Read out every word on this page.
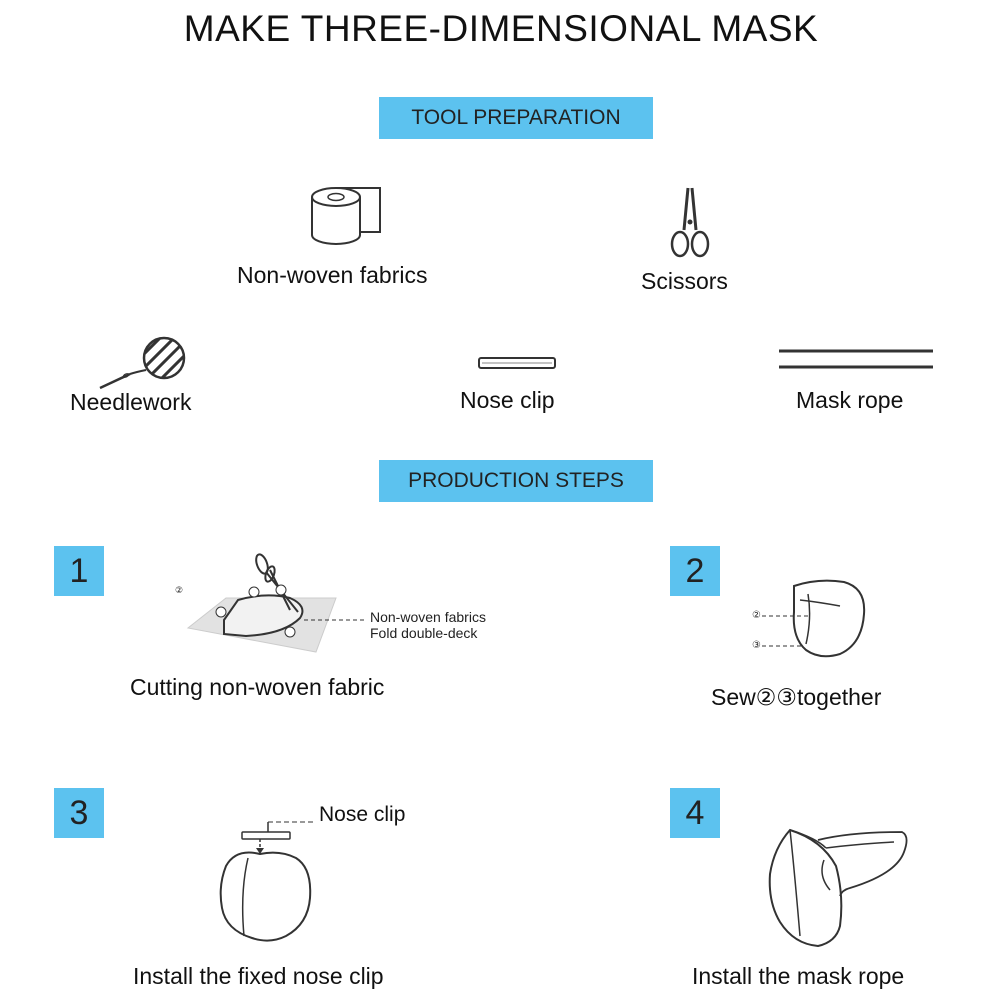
MAKE THREE-DIMENSIONAL MASK
TOOL PREPARATION
Non-woven fabrics	Scissors
Needlework	Nose clip	Mask rope
PRODUCTION STEPS
1	②
Non-woven fabrics
Fold double-deck
Cutting non-woven fabric
2
②
③
Sew②③together
3	Nose clip
Install the fixed nose clip
4
Install the mask rope
